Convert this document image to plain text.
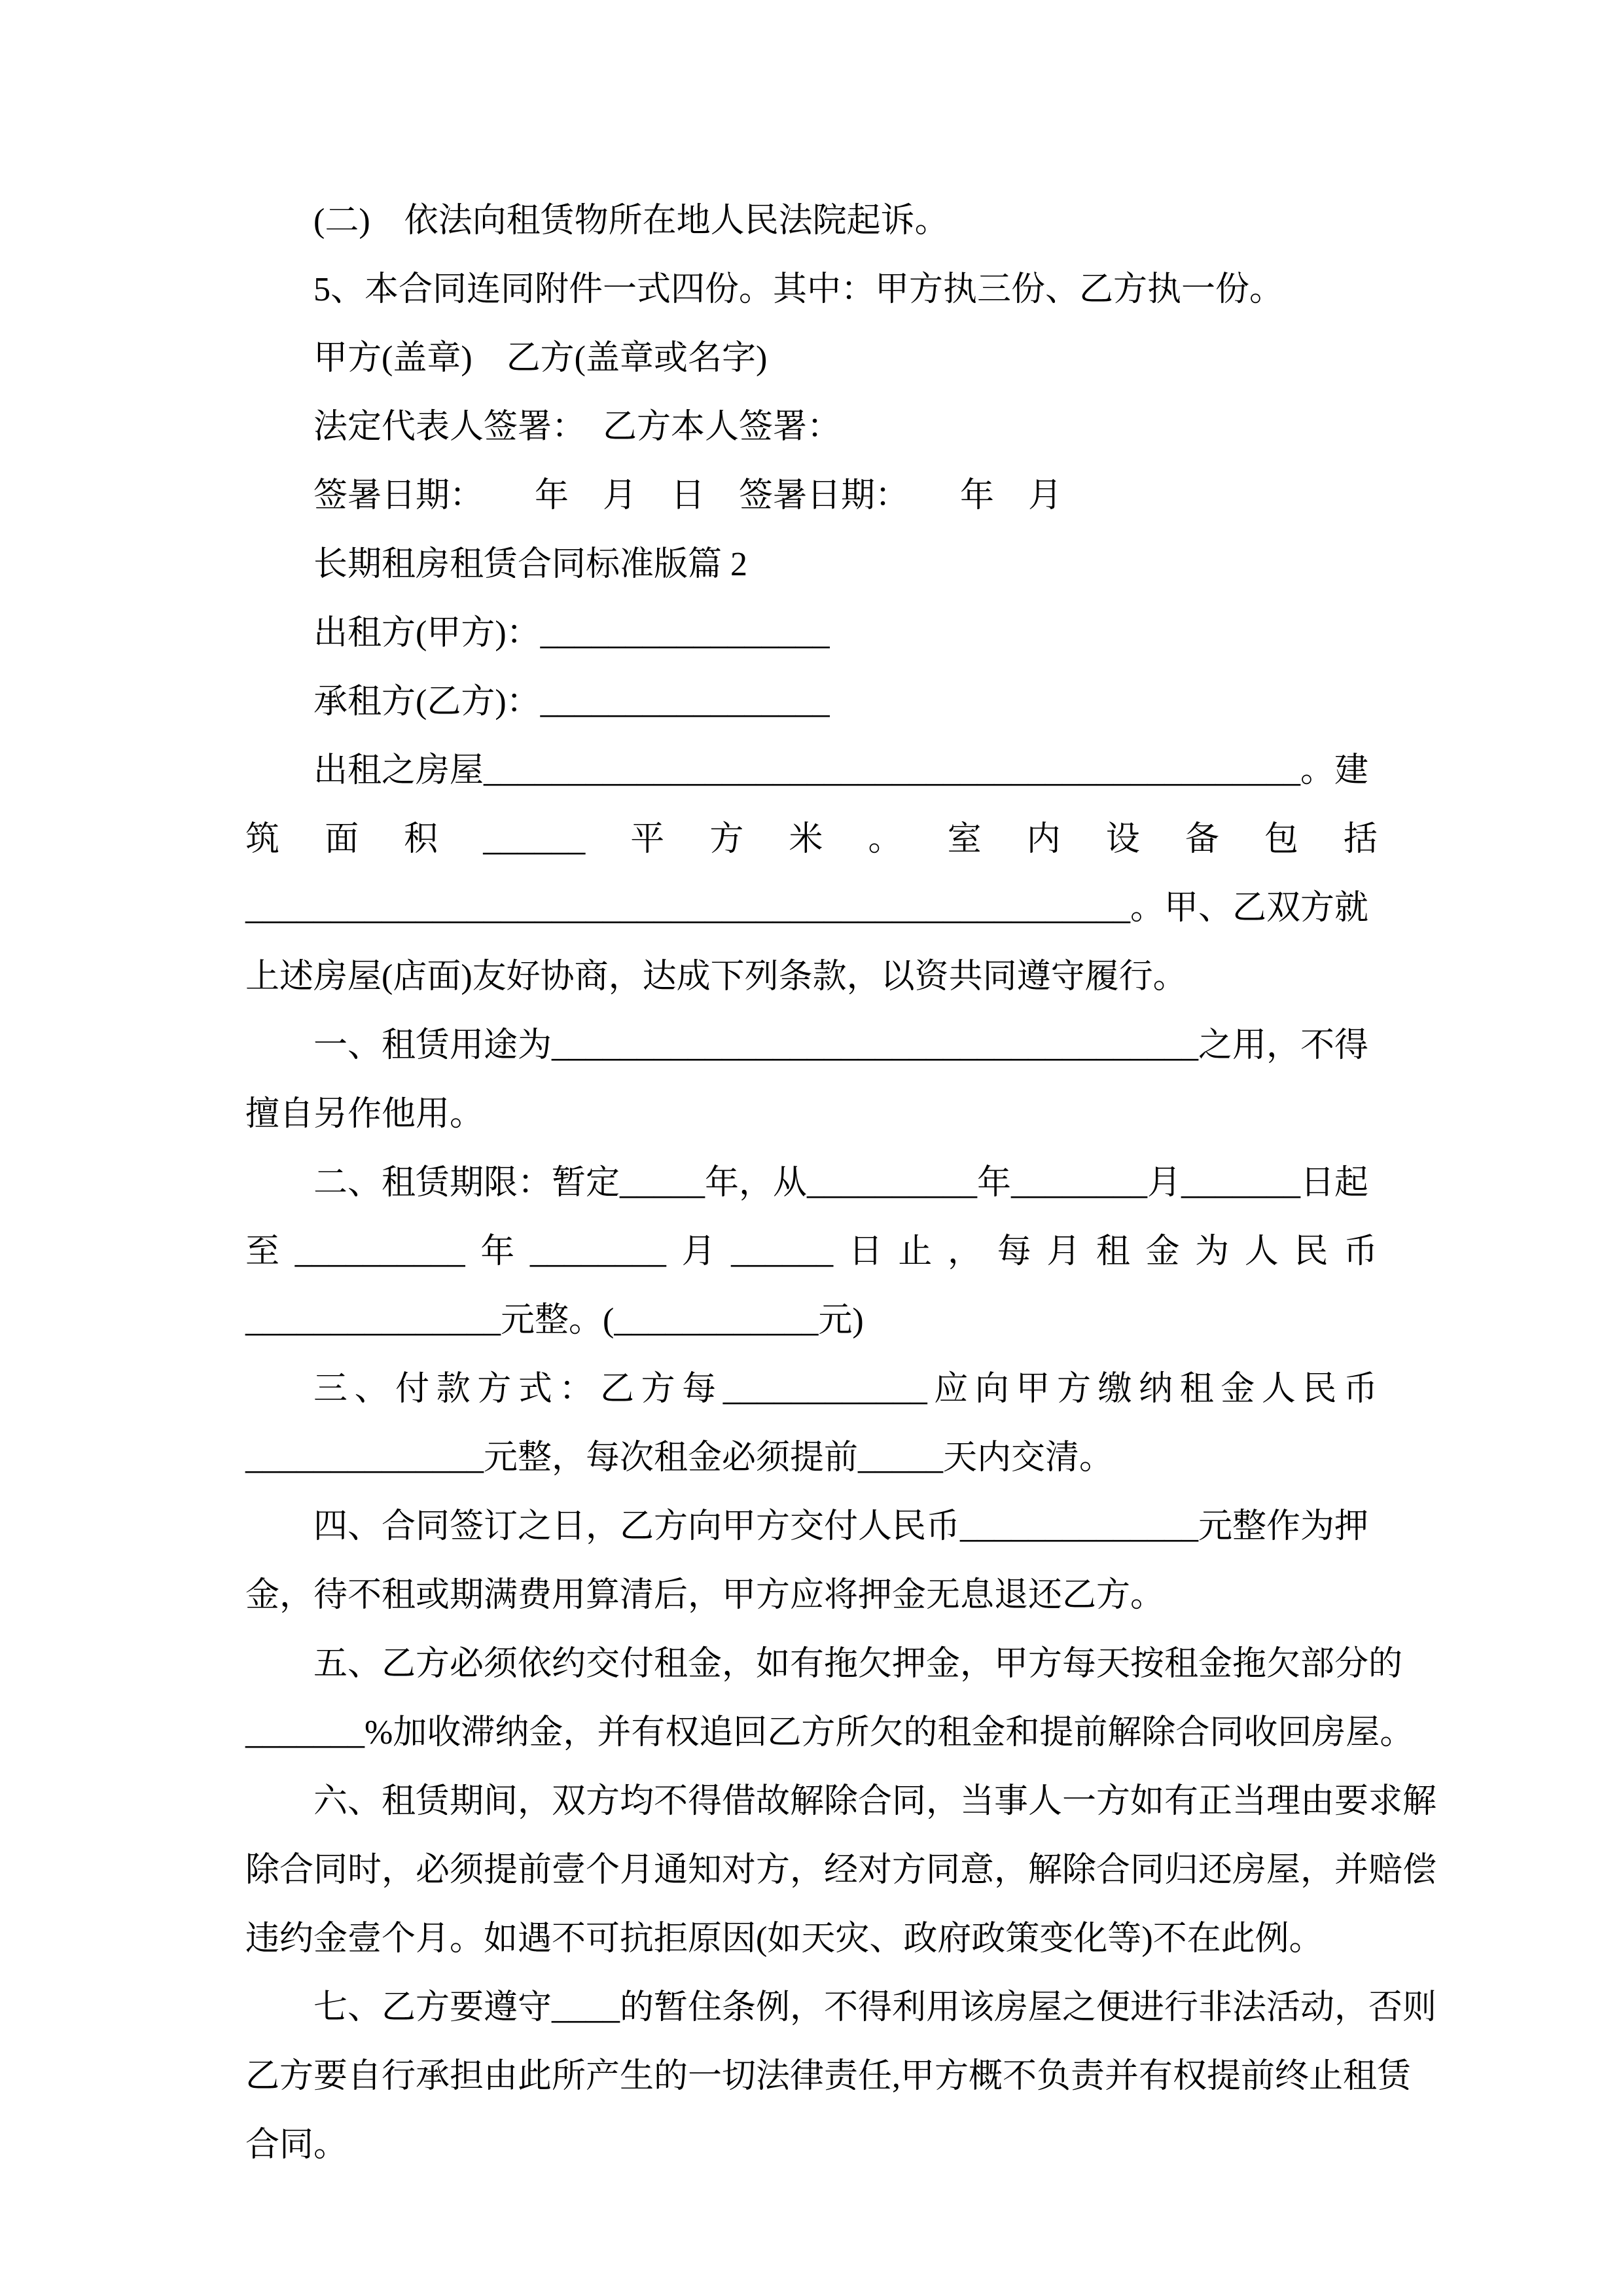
(二)　依法向租赁物所在地人民法院起诉。
5、本合同连同附件一式四份。其中：甲方执三份、乙方执一份。
甲方(盖章)　乙方(盖章或名字)
法定代表人签署：　乙方本人签署：
签暑日期：　　年　月　日　签暑日期：　　年　月
长期租房租赁合同标准版篇 2
出租方(甲方)：_________________
承租方(乙方)：_________________
出租之房屋________________________________________________。建
筑面积______平方米。室内设备包括
____________________________________________________。甲、乙双方就
上述房屋(店面)友好协商，达成下列条款，以资共同遵守履行。
一、租赁用途为______________________________________之用，不得
擅自另作他用。
二、租赁期限：暂定_____年，从__________年________月_______日起
至__________年________月______日止，每月租金为人民币
_______________元整。(____________元)
三、付款方式：乙方每____________应向甲方缴纳租金人民币
______________元整，每次租金必须提前_____天内交清。
四、合同签订之日，乙方向甲方交付人民币______________元整作为押
金，待不租或期满费用算清后，甲方应将押金无息退还乙方。
五、乙方必须依约交付租金，如有拖欠押金，甲方每天按租金拖欠部分的
_______%加收滞纳金，并有权追回乙方所欠的租金和提前解除合同收回房屋。
六、租赁期间，双方均不得借故解除合同，当事人一方如有正当理由要求解
除合同时，必须提前壹个月通知对方，经对方同意，解除合同归还房屋，并赔偿
违约金壹个月。如遇不可抗拒原因(如天灾、政府政策变化等)不在此例。
七、乙方要遵守____的暂住条例，不得利用该房屋之便进行非法活动，否则
乙方要自行承担由此所产生的一切法律责任,甲方概不负责并有权提前终止租赁
合同。
